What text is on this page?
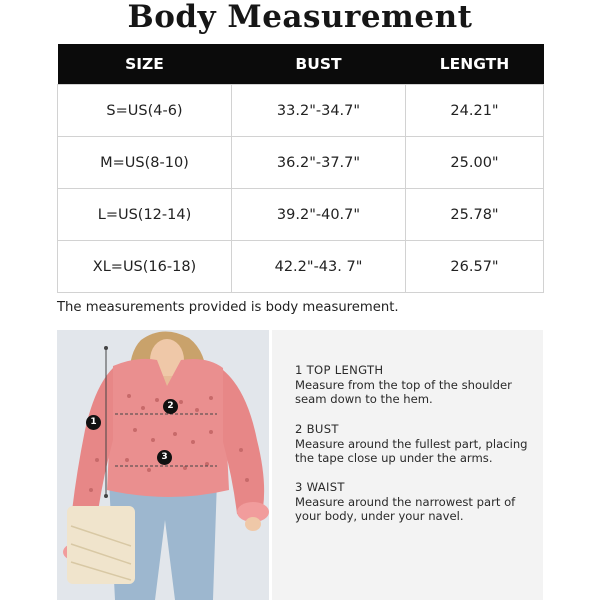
Body Measurement
SIZE	BUST	LENGTH
S=US(4-6)	33.2"-34.7"	24.21"
M=US(8-10)	36.2"-37.7"	25.00"
L=US(12-14)	39.2"-40.7"	25.78"
XL=US(16-18)	42.2"-43. 7"	26.57"
The measurements provided is body measurement.
1
2
3
1 TOP LENGTH
Measure from the top of the shoulder seam down to the hem.
2 BUST
Measure around the fullest part, placing the tape close up under the arms.
3 WAIST
Measure around the narrowest part of your body, under your navel.
